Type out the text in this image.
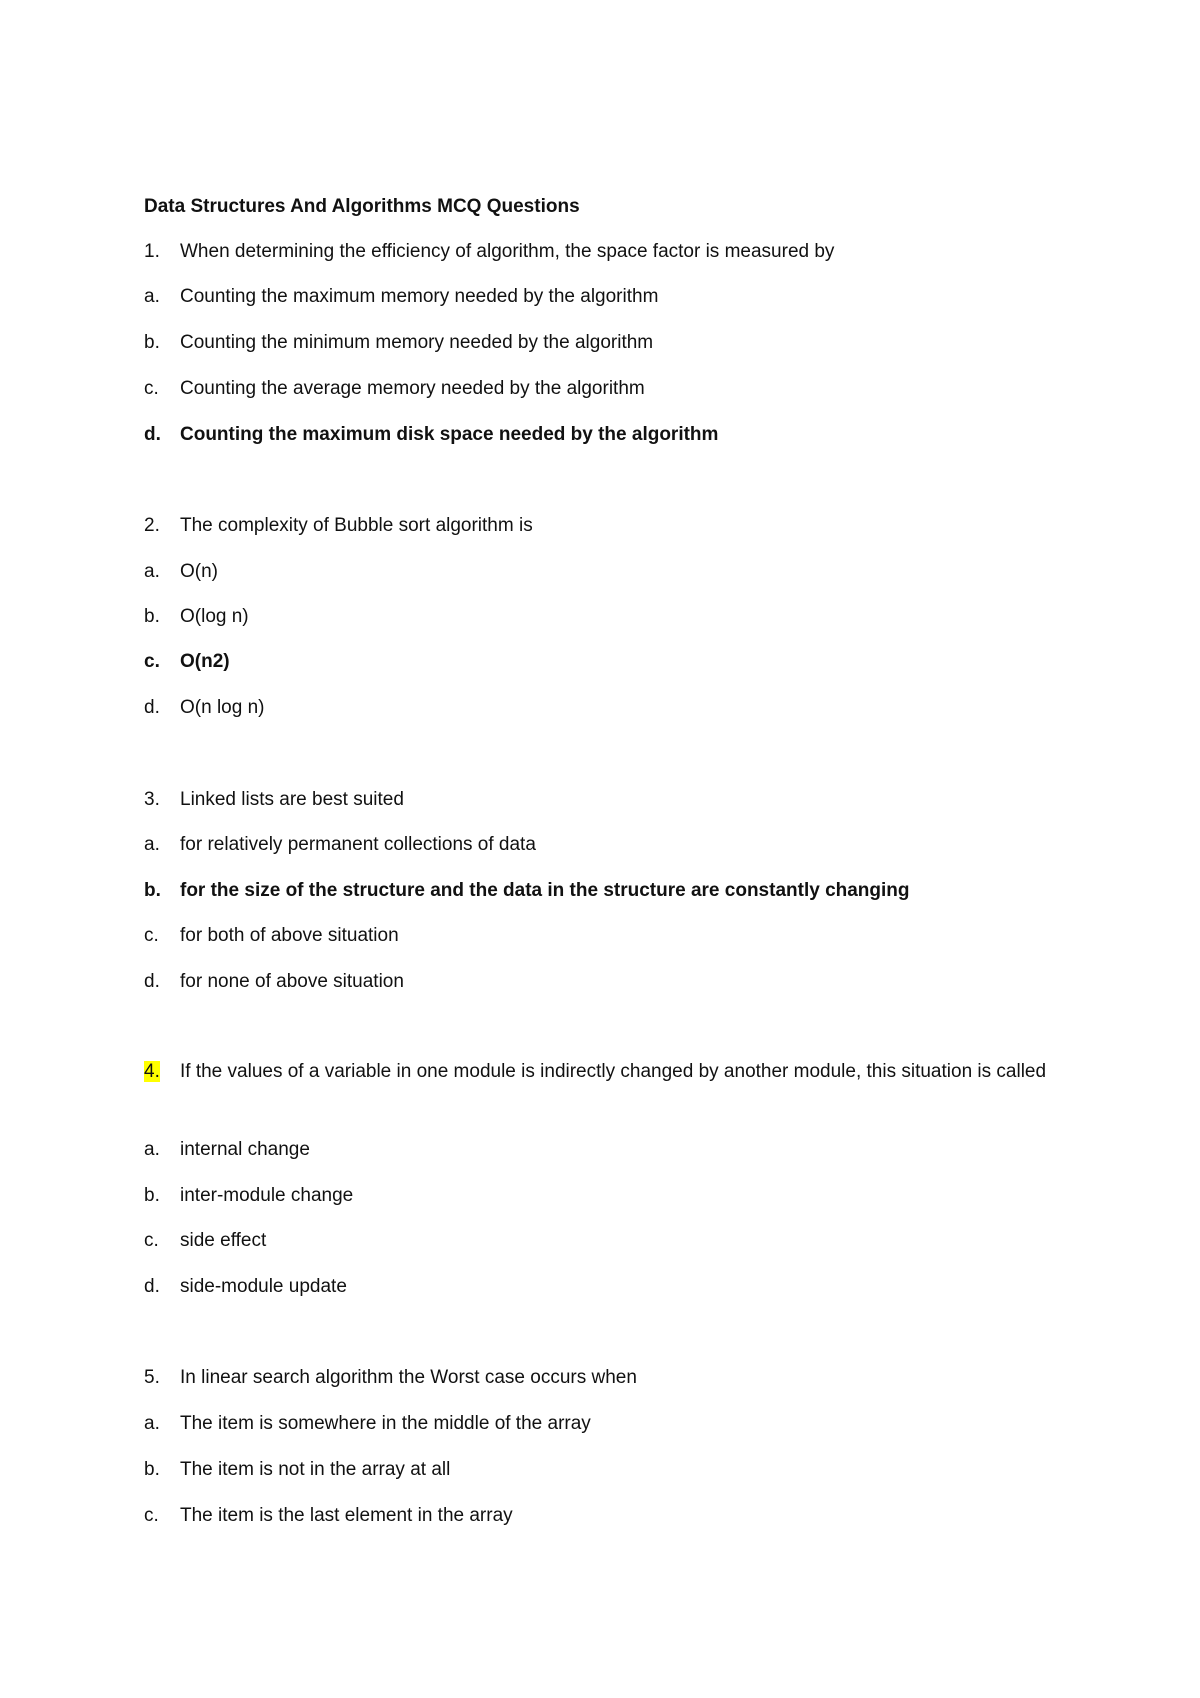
Data Structures And Algorithms MCQ Questions
1. When determining the efficiency of algorithm, the space factor is measured by
a. Counting the maximum memory needed by the algorithm
b. Counting the minimum memory needed by the algorithm
c. Counting the average memory needed by the algorithm
d. Counting the maximum disk space needed by the algorithm
2. The complexity of Bubble sort algorithm is
a. O(n)
b. O(log n)
c. O(n2)
d. O(n log n)
3. Linked lists are best suited
a. for relatively permanent collections of data
b. for the size of the structure and the data in the structure are constantly changing
c. for both of above situation
d. for none of above situation
4. If the values of a variable in one module is indirectly changed by another module, this situation is called
a. internal change
b. inter-module change
c. side effect
d. side-module update
5. In linear search algorithm the Worst case occurs when
a. The item is somewhere in the middle of the array
b. The item is not in the array at all
c. The item is the last element in the array
